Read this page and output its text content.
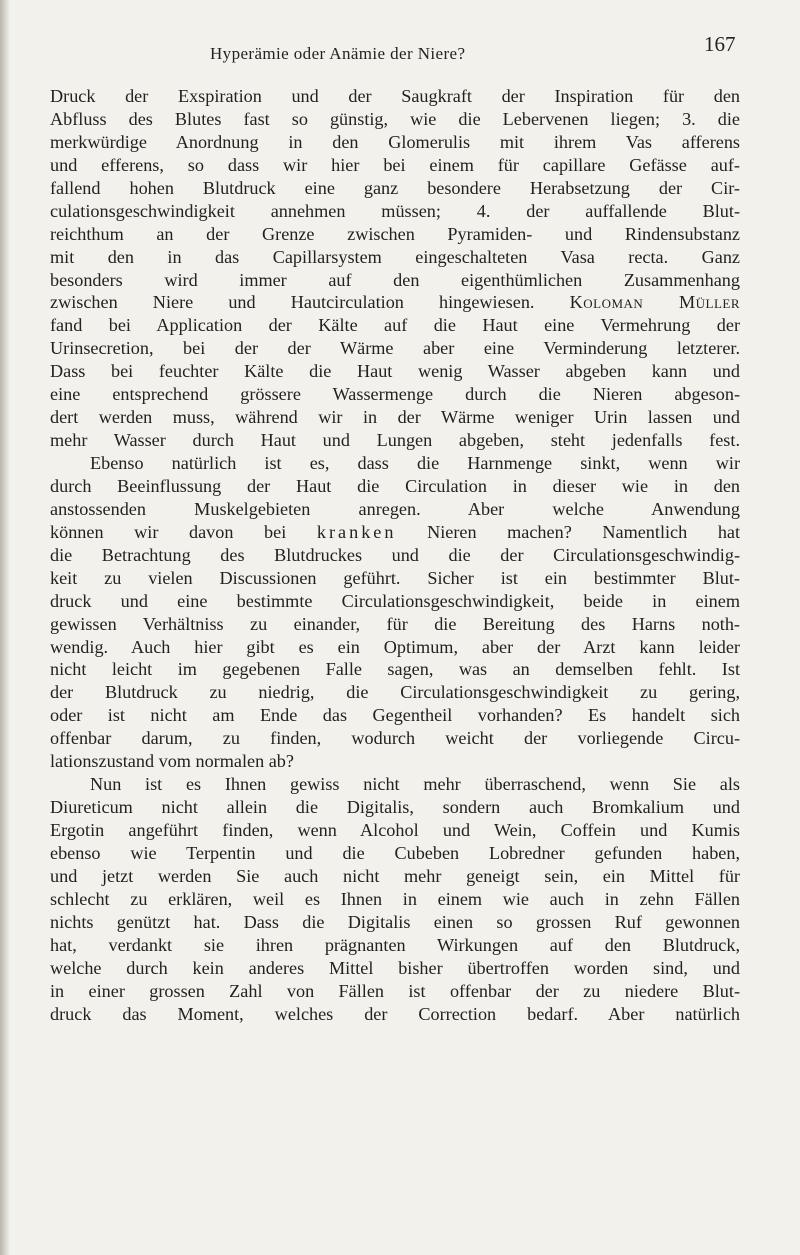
Hyperämie oder Anämie der Niere?	167
Druck der Exspiration und der Saugkraft der Inspiration für den
Abfluss des Blutes fast so günstig, wie die Lebervenen liegen; 3. die
merkwürdige Anordnung in den Glomerulis mit ihrem Vas afferens
und efferens, so dass wir hier bei einem für capillare Gefässe auf-
fallend hohen Blutdruck eine ganz besondere Herabsetzung der Cir-
culationsgeschwindigkeit annehmen müssen; 4. der auffallende Blut-
reichthum an der Grenze zwischen Pyramiden- und Rindensubstanz
mit den in das Capillarsystem eingeschalteten Vasa recta. Ganz
besonders wird immer auf den eigenthümlichen Zusammenhang
zwischen Niere und Hautcirculation hingewiesen. Koloman Müller
fand bei Application der Kälte auf die Haut eine Vermehrung der
Urinsecretion, bei der der Wärme aber eine Verminderung letzterer.
Dass bei feuchter Kälte die Haut wenig Wasser abgeben kann und
eine entsprechend grössere Wassermenge durch die Nieren abgeson-
dert werden muss, während wir in der Wärme weniger Urin lassen und
mehr Wasser durch Haut und Lungen abgeben, steht jedenfalls fest.
Ebenso natürlich ist es, dass die Harnmenge sinkt, wenn wir
durch Beeinflussung der Haut die Circulation in dieser wie in den
anstossenden Muskelgebieten anregen. Aber welche Anwendung
können wir davon bei kranken Nieren machen? Namentlich hat
die Betrachtung des Blutdruckes und die der Circulationsgeschwindig-
keit zu vielen Discussionen geführt. Sicher ist ein bestimmter Blut-
druck und eine bestimmte Circulationsgeschwindigkeit, beide in einem
gewissen Verhältniss zu einander, für die Bereitung des Harns noth-
wendig. Auch hier gibt es ein Optimum, aber der Arzt kann leider
nicht leicht im gegebenen Falle sagen, was an demselben fehlt. Ist
der Blutdruck zu niedrig, die Circulationsgeschwindigkeit zu gering,
oder ist nicht am Ende das Gegentheil vorhanden? Es handelt sich
offenbar darum, zu finden, wodurch weicht der vorliegende Circu-
lationszustand vom normalen ab?
Nun ist es Ihnen gewiss nicht mehr überraschend, wenn Sie als
Diureticum nicht allein die Digitalis, sondern auch Bromkalium und
Ergotin angeführt finden, wenn Alcohol und Wein, Coffein und Kumis
ebenso wie Terpentin und die Cubeben Lobredner gefunden haben,
und jetzt werden Sie auch nicht mehr geneigt sein, ein Mittel für
schlecht zu erklären, weil es Ihnen in einem wie auch in zehn Fällen
nichts genützt hat. Dass die Digitalis einen so grossen Ruf gewonnen
hat, verdankt sie ihren prägnanten Wirkungen auf den Blutdruck,
welche durch kein anderes Mittel bisher übertroffen worden sind, und
in einer grossen Zahl von Fällen ist offenbar der zu niedere Blut-
druck das Moment, welches der Correction bedarf. Aber natürlich
